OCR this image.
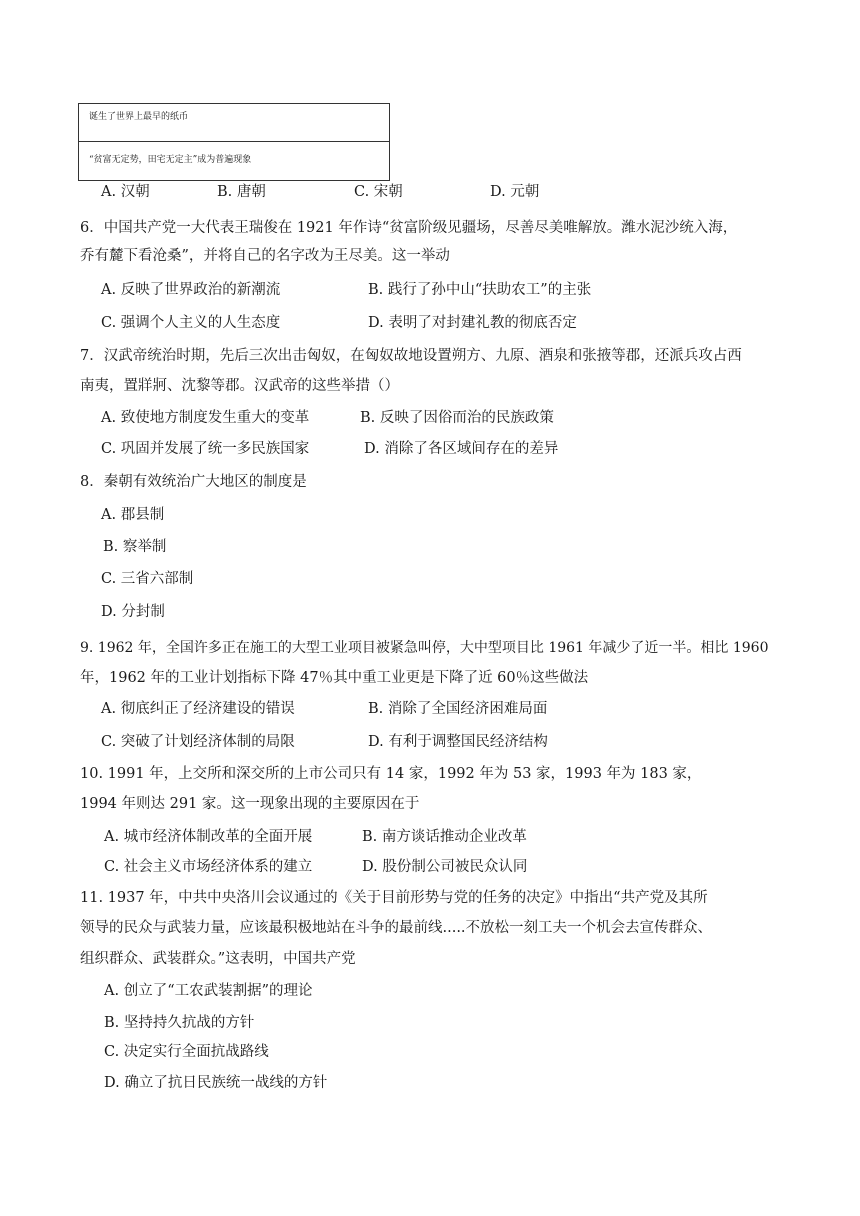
诞生了世界上最早的纸币
“贫富无定势，田宅无定主”成为普遍现象
A. 汉朝	B. 唐朝	C. 宋朝	D. 元朝
6．中国共产党一大代表王瑞俊在 1921 年作诗“贫富阶级见疆场，尽善尽美唯解放。潍水泥沙统入海，
乔有麓下看沧桑”，并将自己的名字改为王尽美。这一举动
A. 反映了世界政治的新潮流	B. 践行了孙中山“扶助农工”的主张
C. 强调个人主义的人生态度	D. 表明了对封建礼教的彻底否定
7．汉武帝统治时期，先后三次出击匈奴，在匈奴故地设置朔方、九原、酒泉和张掖等郡，还派兵攻占西
南夷，置牂牁、沈黎等郡。汉武帝的这些举措（）
A. 致使地方制度发生重大的变革	B. 反映了因俗而治的民族政策
C. 巩固并发展了统一多民族国家	D. 消除了各区域间存在的差异
8．秦朝有效统治广大地区的制度是
A. 郡县制
B. 察举制
C. 三省六部制
D. 分封制
9. 1962 年，全国许多正在施工的大型工业项目被紧急叫停，大中型项目比 1961 年减少了近一半。相比 1960
年，1962 年的工业计划指标下降 47％其中重工业更是下降了近 60％这些做法
A. 彻底纠正了经济建设的错误	B. 消除了全国经济困难局面
C. 突破了计划经济体制的局限	D. 有利于调整国民经济结构
10. 1991 年，上交所和深交所的上市公司只有 14 家，1992 年为 53 家，1993 年为 183 家，
1994 年则达 291 家。这一现象出现的主要原因在于
A. 城市经济体制改革的全面开展	B. 南方谈话推动企业改革
C. 社会主义市场经济体系的建立	D. 股份制公司被民众认同
11. 1937 年，中共中央洛川会议通过的《关于目前形势与党的任务的决定》中指出“共产党及其所
领导的民众与武装力量，应该最积极地站在斗争的最前线.....不放松一刻工夫一个机会去宣传群众、
组织群众、武装群众。”这表明，中国共产党
A. 创立了“工农武装割据”的理论
B. 坚持持久抗战的方针
C. 决定实行全面抗战路线
D. 确立了抗日民族统一战线的方针
